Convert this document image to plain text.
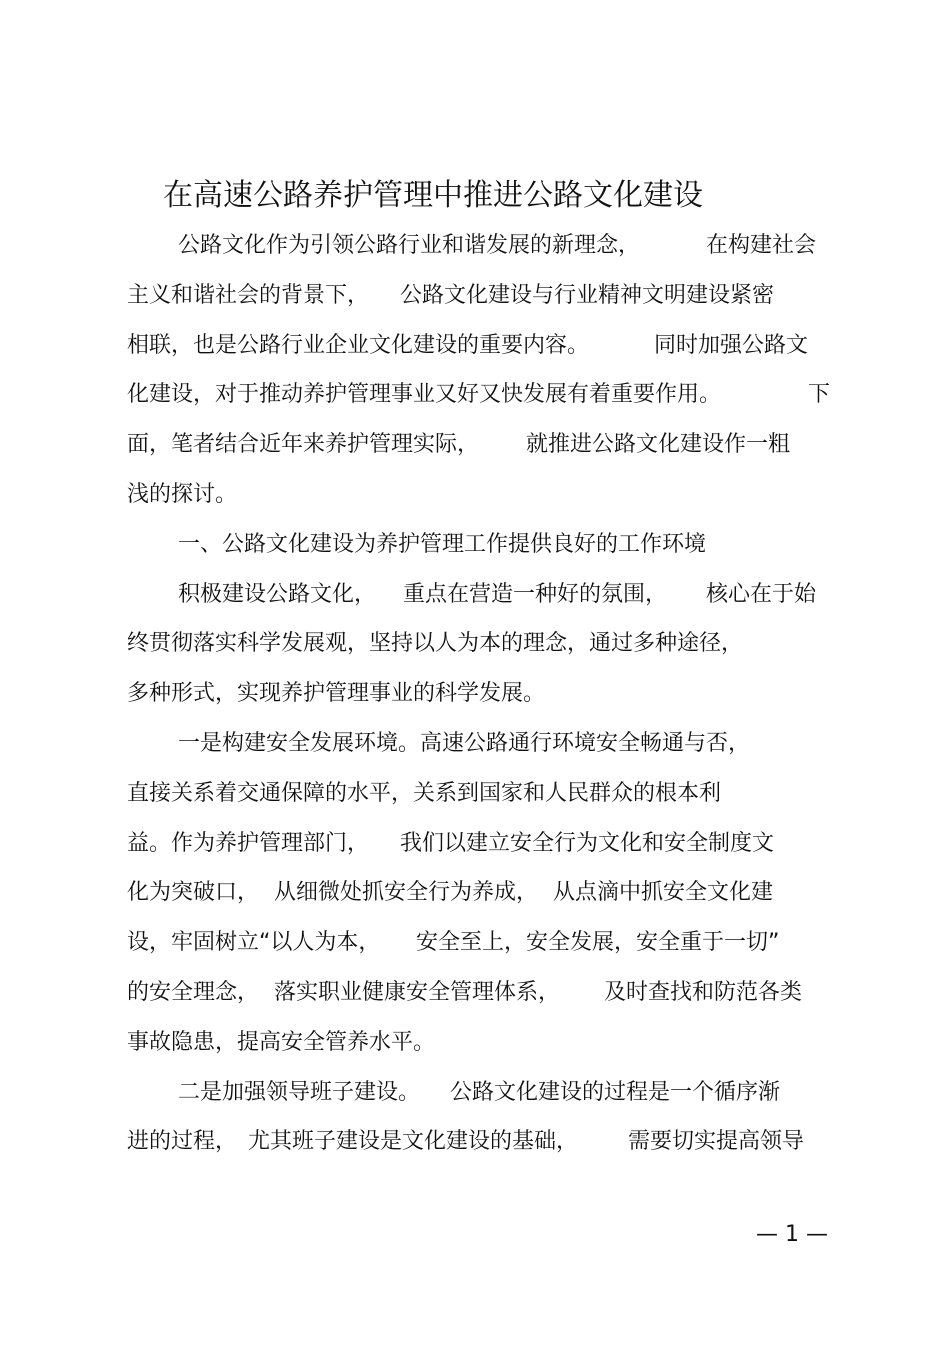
在高速公路养护管理中推进公路文化建设
公路文化作为引领公路行业和谐发展的新理念，	在构建社会
主义和谐社会的背景下， 公路文化建设与行业精神文明建设紧密
相联，也是公路行业企业文化建设的重要内容。	同时加强公路文
化建设，对于推动养护管理事业又好又快发展有着重要作用。	下
面，笔者结合近年来养护管理实际， 就推进公路文化建设作一粗
浅的探讨。
一、公路文化建设为养护管理工作提供良好的工作环境
积极建设公路文化， 重点在营造一种好的氛围， 核心在于始
终贯彻落实科学发展观，坚持以人为本的理念，通过多种途径，
多种形式，实现养护管理事业的科学发展。
一是构建安全发展环境。高速公路通行环境安全畅通与否，
直接关系着交通保障的水平，关系到国家和人民群众的根本利
益。作为养护管理部门， 我们以建立安全行为文化和安全制度文
化为突破口， 从细微处抓安全行为养成， 从点滴中抓安全文化建
设，牢固树立“以人为本， 安全至上，安全发展，安全重于一切”
的安全理念， 落实职业健康安全管理体系， 及时查找和防范各类
事故隐患，提高安全管养水平。
二是加强领导班子建设。 公路文化建设的过程是一个循序渐
进的过程， 尤其班子建设是文化建设的基础， 需要切实提高领导
— 1 —
